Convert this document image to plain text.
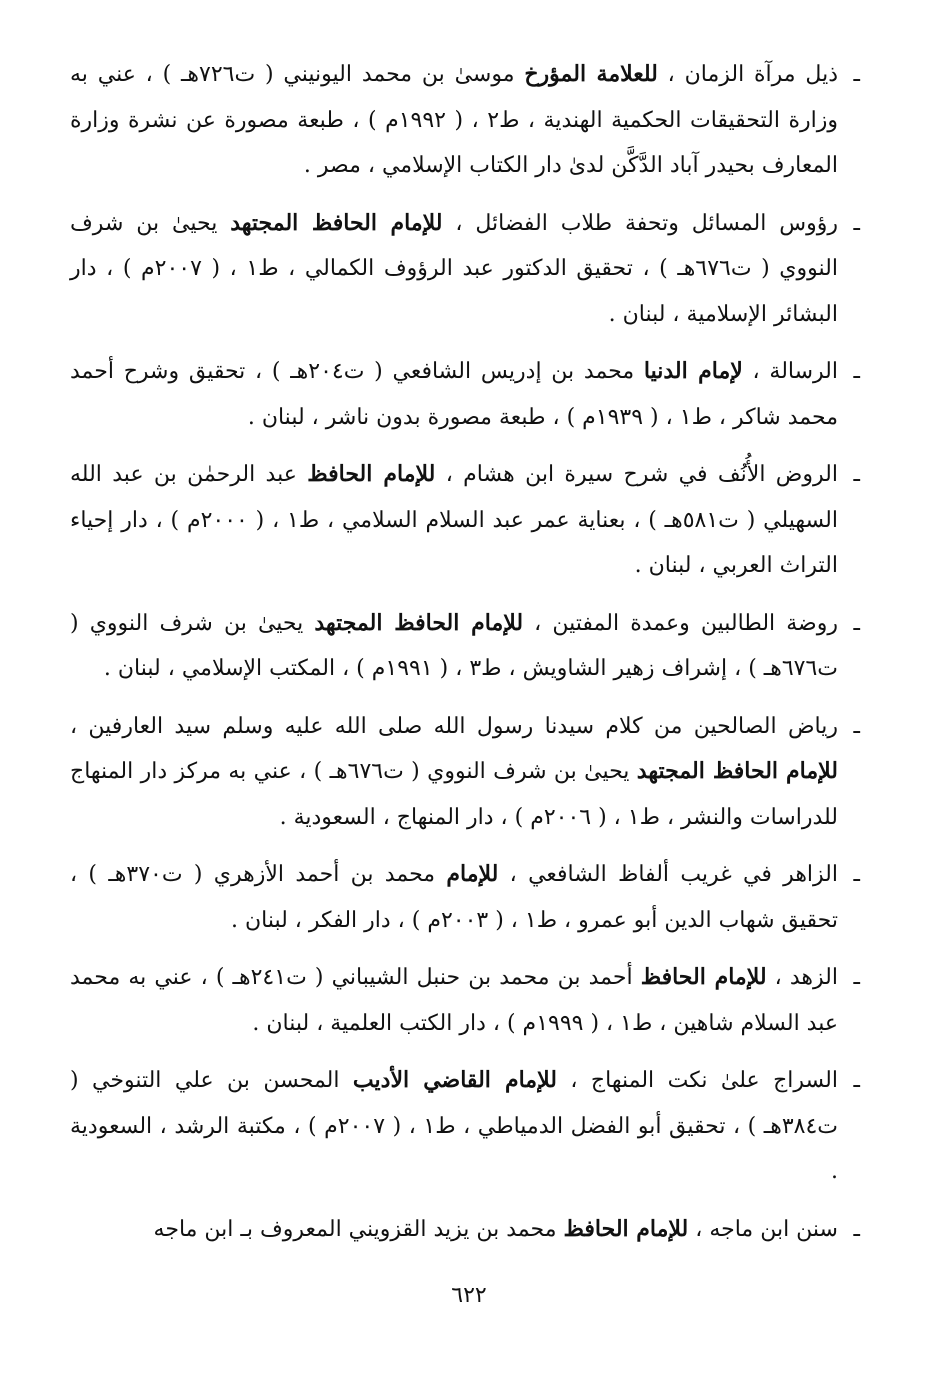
ـ
ذيل مرآة الزمان ، للعلامة المؤرخ موسىٰ بن محمد اليونيني ( ت٧٢٦هـ ) ، عني به وزارة التحقيقات الحكمية الهندية ، ط٢ ، ( ١٩٩٢م ) ، طبعة مصورة عن نشرة وزارة المعارف بحيدر آباد الدَّكَّن لدىٰ دار الكتاب الإسلامي ، مصر .
ـ
رؤوس المسائل وتحفة طلاب الفضائل ، للإمام الحافظ المجتهد يحيىٰ بن شرف النووي ( ت٦٧٦هـ ) ، تحقيق الدكتور عبد الرؤوف الكمالي ، ط١ ، ( ٢٠٠٧م ) ، دار البشائر الإسلامية ، لبنان .
ـ
الرسالة ، لإمام الدنيا محمد بن إدريس الشافعي ( ت٢٠٤هـ ) ، تحقيق وشرح أحمد محمد شاكر ، ط١ ، ( ١٩٣٩م ) ، طبعة مصورة بدون ناشر ، لبنان .
ـ
الروض الأُنُف في شرح سيرة ابن هشام ، للإمام الحافظ عبد الرحمٰن بن عبد الله السهيلي ( ت٥٨١هـ ) ، بعناية عمر عبد السلام السلامي ، ط١ ، ( ٢٠٠٠م ) ، دار إحياء التراث العربي ، لبنان .
ـ
روضة الطالبين وعمدة المفتين ، للإمام الحافظ المجتهد يحيىٰ بن شرف النووي ( ت٦٧٦هـ ) ، إشراف زهير الشاويش ، ط٣ ، ( ١٩٩١م ) ، المكتب الإسلامي ، لبنان .
ـ
رياض الصالحين من كلام سيدنا رسول الله صلى الله عليه وسلم سيد العارفين ، للإمام الحافظ المجتهد يحيىٰ بن شرف النووي ( ت٦٧٦هـ ) ، عني به مركز دار المنهاج للدراسات والنشر ، ط١ ، ( ٢٠٠٦م ) ، دار المنهاج ، السعودية .
ـ
الزاهر في غريب ألفاظ الشافعي ، للإمام محمد بن أحمد الأزهري ( ت٣٧٠هـ ) ، تحقيق شهاب الدين أبو عمرو ، ط١ ، ( ٢٠٠٣م ) ، دار الفكر ، لبنان .
ـ
الزهد ، للإمام الحافظ أحمد بن محمد بن حنبل الشيباني ( ت٢٤١هـ ) ، عني به محمد عبد السلام شاهين ، ط١ ، ( ١٩٩٩م ) ، دار الكتب العلمية ، لبنان .
ـ
السراج علىٰ نكت المنهاج ، للإمام القاضي الأديب المحسن بن علي التنوخي ( ت٣٨٤هـ ) ، تحقيق أبو الفضل الدمياطي ، ط١ ، ( ٢٠٠٧م ) ، مكتبة الرشد ، السعودية .
ـ
سنن ابن ماجه ، للإمام الحافظ محمد بن يزيد القزويني المعروف بـ ابن ماجه
٦٢٢
